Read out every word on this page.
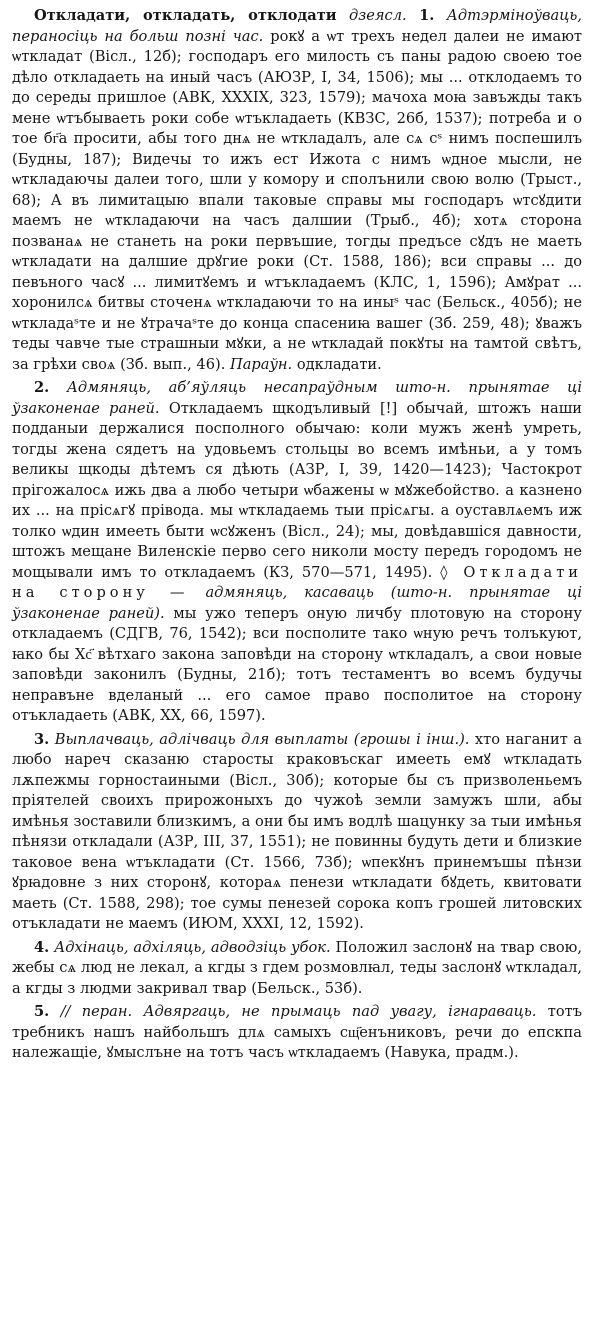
Откладати, откладать, отклодати дзеясл. 1. Адтэрміноўваць, пераносіць на больш позні час. рокꙋ а ѡт трехъ недел далеи не имают ѡткладат (Вісл., 12б); господаръ его милость съ паны радою своею тое дѣло откладаеть на иный часъ (АЮЗР, І, 34, 1506); мы ... отклодаемъ то до середы пришлое (АВК, XXXIX, 323, 1579); мачоха моꙗ завъжды такъ мене ѡтъбываеть роки собе ѡтъкладаеть (КВЗС, 26б, 1537); потреба и о тое бг҃а просити, абы того днѧ не ѡткладалъ, але сѧ сˢ нимъ поспешилъ (Будны, 187); Видечы то ижъ ест Ижота с нимъ ѡдное мысли, не ѡткладаючы далеи того, шли у комору и сполънили свою волю (Трыст., 68); А въ лимитацыю впали таковые справы мы господаръ ѡтсꙋдити маемъ не ѡткладаючи на часъ далшии (Трыб., 4б); хотѧ сторона позванаѧ не станеть на роки первъшие, тогды предъсе сꙋдъ не маеть ѡткладати на далшие дрꙋгие роки (Ст. 1588, 186); вси справы ... до певъного часꙋ ... лимитꙋемъ и ѡтъкладаемъ (КЛС, 1, 1596); Амꙋрат ... хоронилсѧ битвы сточенѧ ѡткладаючи то на иныˢ час (Бельск., 405б); не ѡткладаˢте и не ꙋтрачаˢте до конца спасениꙗ вашег (Зб. 259, 48); ꙋважъ теды чавче тые страшныи мꙋки, а не ѡткладай покꙋты на тамтой свѣтъ, за грѣхи своѧ (Зб. вып., 46). Параўн. одкладати.

2. Адмяняць, аб’яўляць несапраўдным што-н. прынятае ці ўзаконенае раней. Откладаемъ щкодъливый [!] обычай, штожъ наши подданыи держалися посполного обычаю: коли мужъ женѣ умреть, тогды жена сядетъ на удовьемъ стольцы во всемъ имѣньи, а у томъ великы щкоды дѣтемъ ся дѣють (АЗР, І, 39, 1420—1423); Частокрот прігожалосѧ ижь два а любо четыри ѡбажены ѡ мꙋжебойство. а казнено их ... на прісѧгꙋ прівода. мы ѡткладаемь тыи прісѧгы. а оуставлѧемъ иж толко ѡдин имееть быти ѡсꙋженъ (Вісл., 24); мы, довѣдавшіся давности, штожъ мещане Виленскіе перво сего николи мосту передъ городомъ не мощывали имъ то откладаемъ (КЗ, 570—571, 1495). ◊ Откладати на сторону — адмяняць, касаваць (што-н. прынятае ці ўзаконенае раней). мы ужо теперъ оную личбу плотовую на сторону откладаемъ (СДГВ, 76, 1542); вси посполите тако ѡную речъ толъкуют, ꙗко бы Хс҃ вѣтхаго закона заповѣди на сторону ѡткладалъ, а свои новые заповѣди законилъ (Будны, 21б); тотъ тестаментъ во всемъ будучы неправъне вделаный ... его самое право посполитое на сторону отъкладаеть (АВК, XX, 66, 1597).

3. Выплачваць, адлічваць для выплаты (грошы і інш.). хто наганит а любо нареч сказаню старосты краковъскаг имееть емꙋ ѡткладать лѫпежмы горностаиными (Вісл., 30б); которые бы съ призволеньемъ пріятелей своихъ прирожоныхъ до чужоѣ земли замужъ шли, абы имѣнья зоставили близкимъ, а они бы имъ водлѣ шацунку за тыи имѣнья пѣнязи откладали (АЗР, III, 37, 1551); не повинны будуть дети и близкие таковое вена ѡтъкладати (Ст. 1566, 73б); ѡпекꙋнъ принемъшы пѣнзи ꙋрꙗдовне з них сторонꙋ, котораѧ пенези ѡткладати бꙋдеть, квитовати маеть (Ст. 1588, 298); тое сумы пенезей сорока копъ грошей литовских отъкладати не маемъ (ИЮМ, XXXI, 12, 1592).

4. Адхінаць, адхіляць, адводзіць убок. Положил заслонꙋ на твар свою, жебы сѧ люд не лекал, а кгды з гдем розмовлꙗл, теды заслонꙋ ѡткладал, а кгды з людми закривал твар (Бельск., 53б).

5. // перан. Адвяргаць, не прымаць пад увагу, ігнараваць. тотъ требникъ нашъ найбольшъ длѧ самыхъ сщ҃енъниковъ, речи до епскпа належащіе, ꙋмыслъне на тотъ часъ ѡткладаемъ (Навука, прадм.).
